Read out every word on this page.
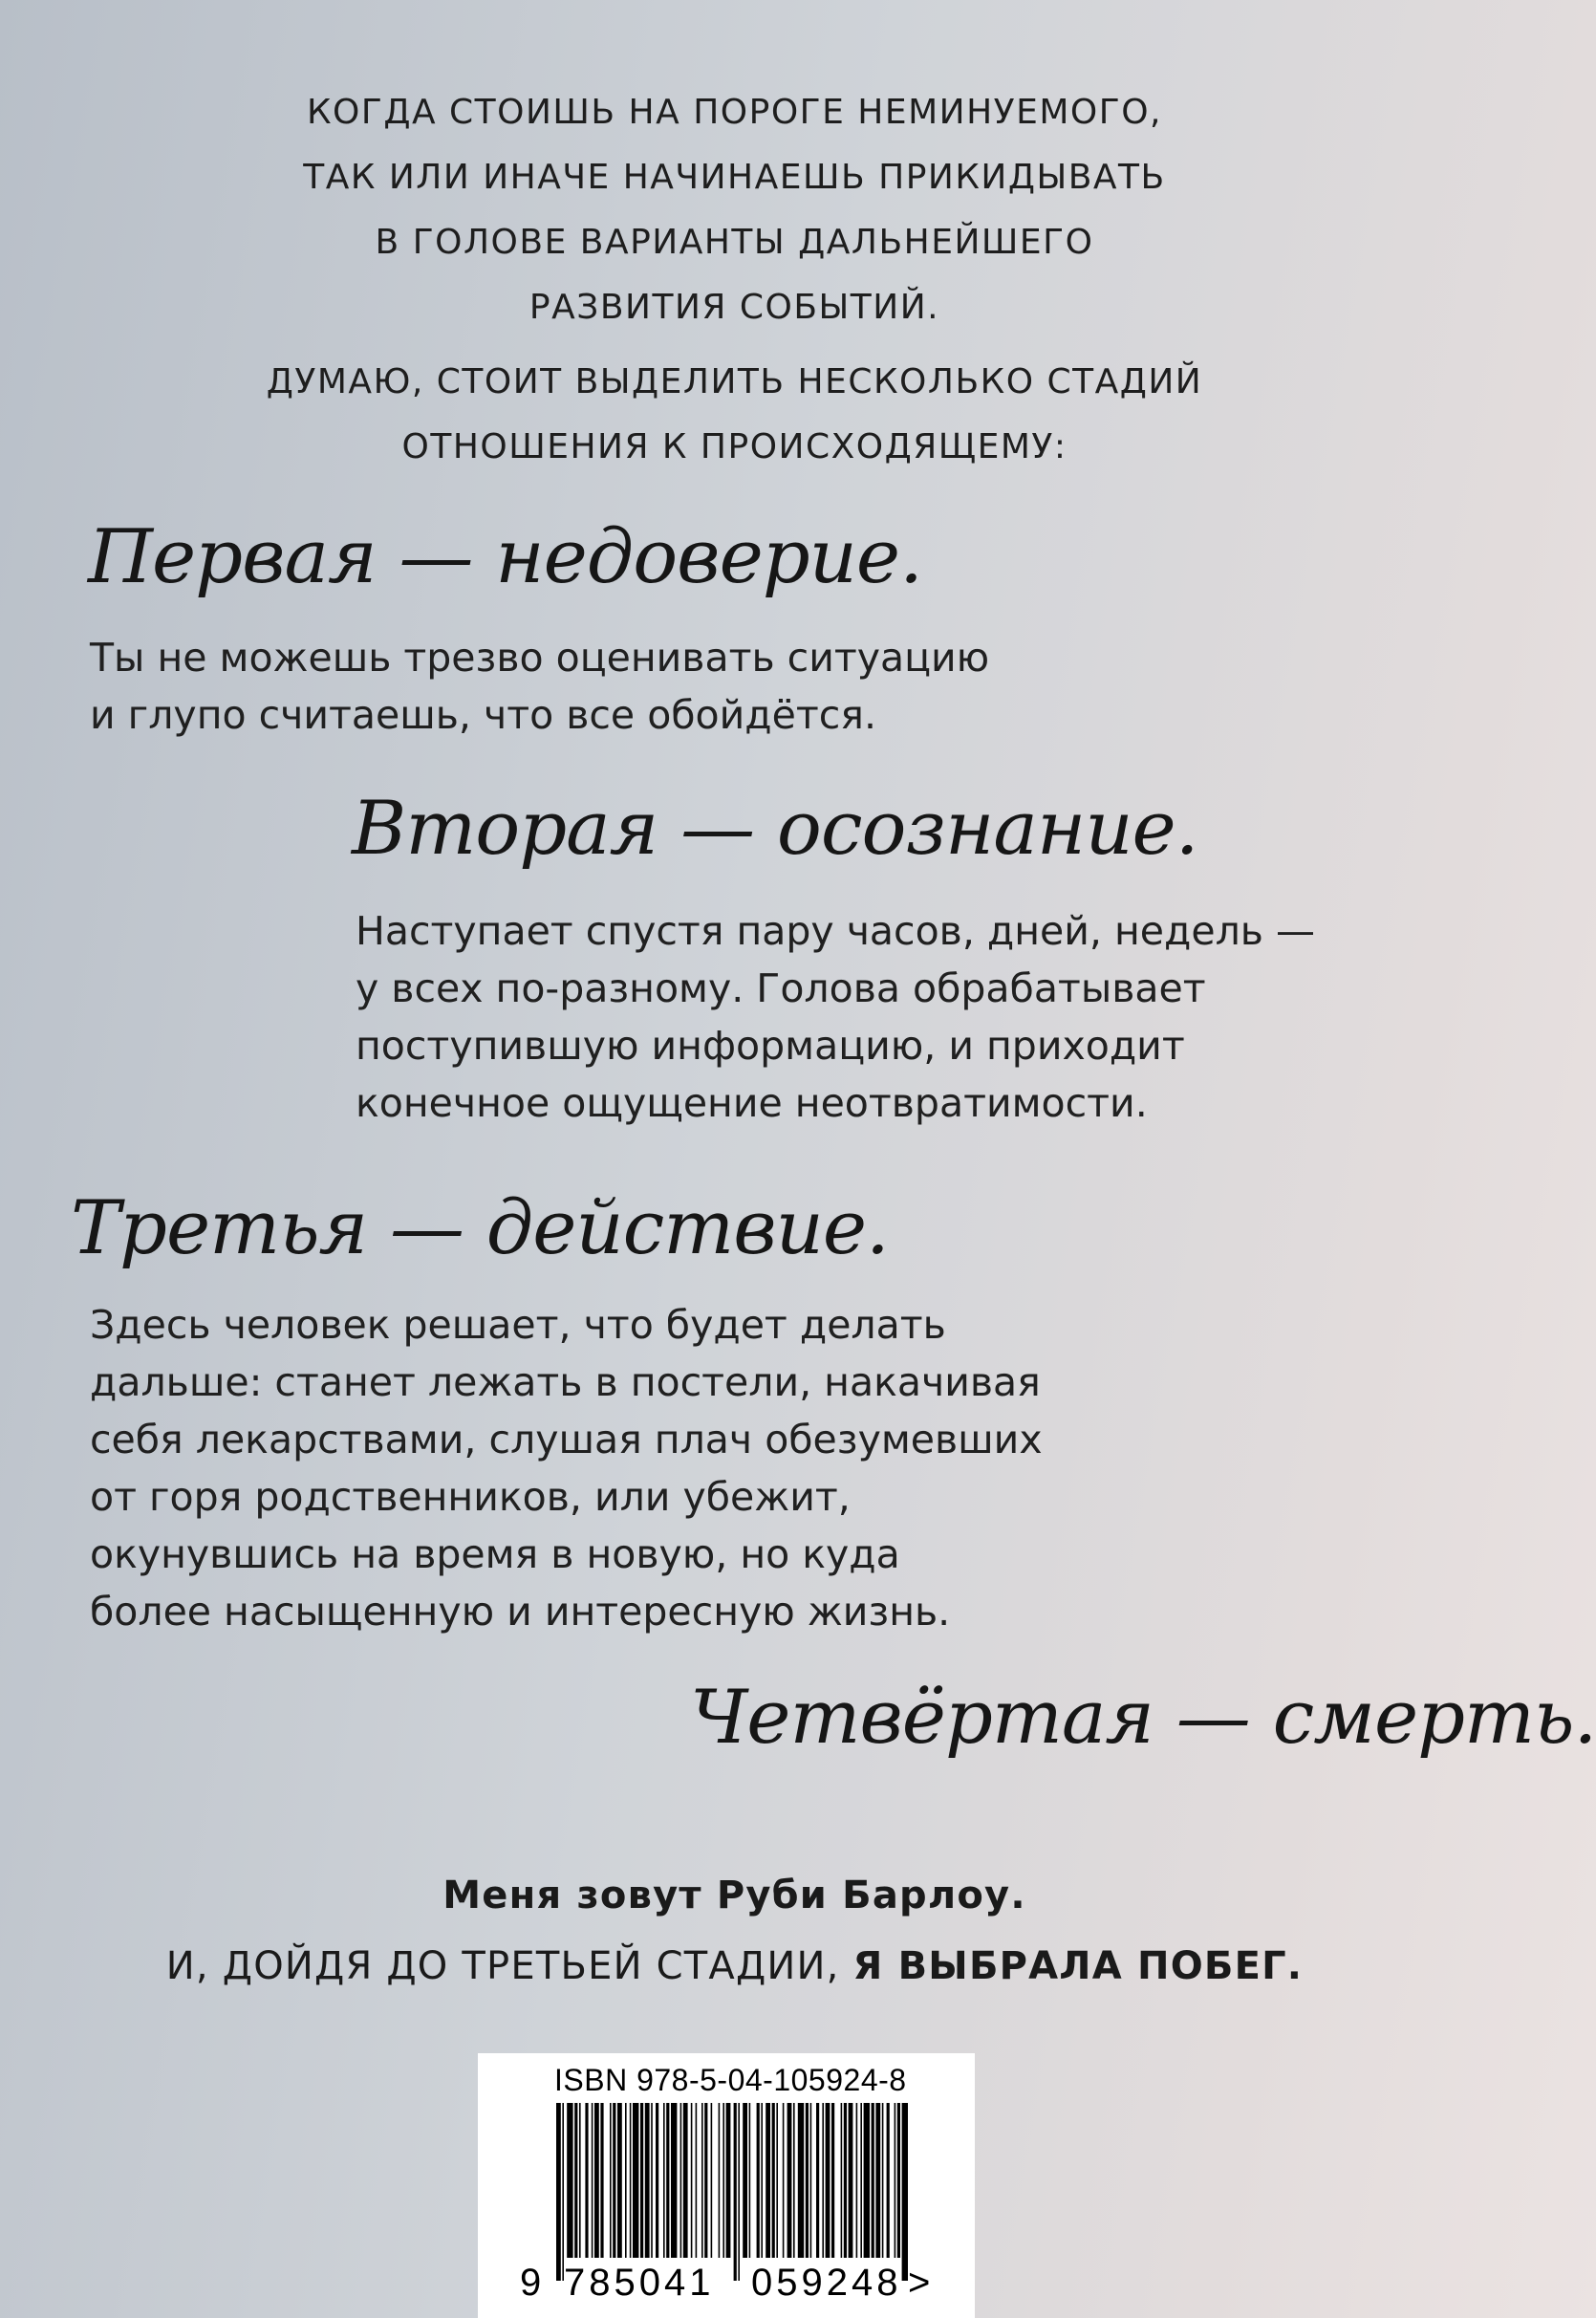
КОГДА СТОИШЬ НА ПОРОГЕ НЕМИНУЕМОГО,
ТАК ИЛИ ИНАЧЕ НАЧИНАЕШЬ ПРИКИДЫВАТЬ
В ГОЛОВЕ ВАРИАНТЫ ДАЛЬНЕЙШЕГО
РАЗВИТИЯ СОБЫТИЙ.
ДУМАЮ, СТОИТ ВЫДЕЛИТЬ НЕСКОЛЬКО СТАДИЙ
ОТНОШЕНИЯ К ПРОИСХОДЯЩЕМУ:
Первая — недоверие.
Ты не можешь трезво оценивать ситуацию
и глупо считаешь, что все обойдётся.
Вторая — осознание.
Наступает спустя пару часов, дней, недель —
у всех по-разному. Голова обрабатывает
поступившую информацию, и приходит
конечное ощущение неотвратимости.
Третья — действие.
Здесь человек решает, что будет делать
дальше: станет лежать в постели, накачивая
себя лекарствами, слушая плач обезумевших
от горя родственников, или убежит,
окунувшись на время в новую, но куда
более насыщенную и интересную жизнь.
Четвёртая — смерть.
Меня зовут Руби Барлоу.
И, ДОЙДЯ ДО ТРЕТЬЕЙ СТАДИИ, Я ВЫБРАЛА ПОБЕГ.
ISBN 978-5-04-105924-8
9 785041 059248 >
